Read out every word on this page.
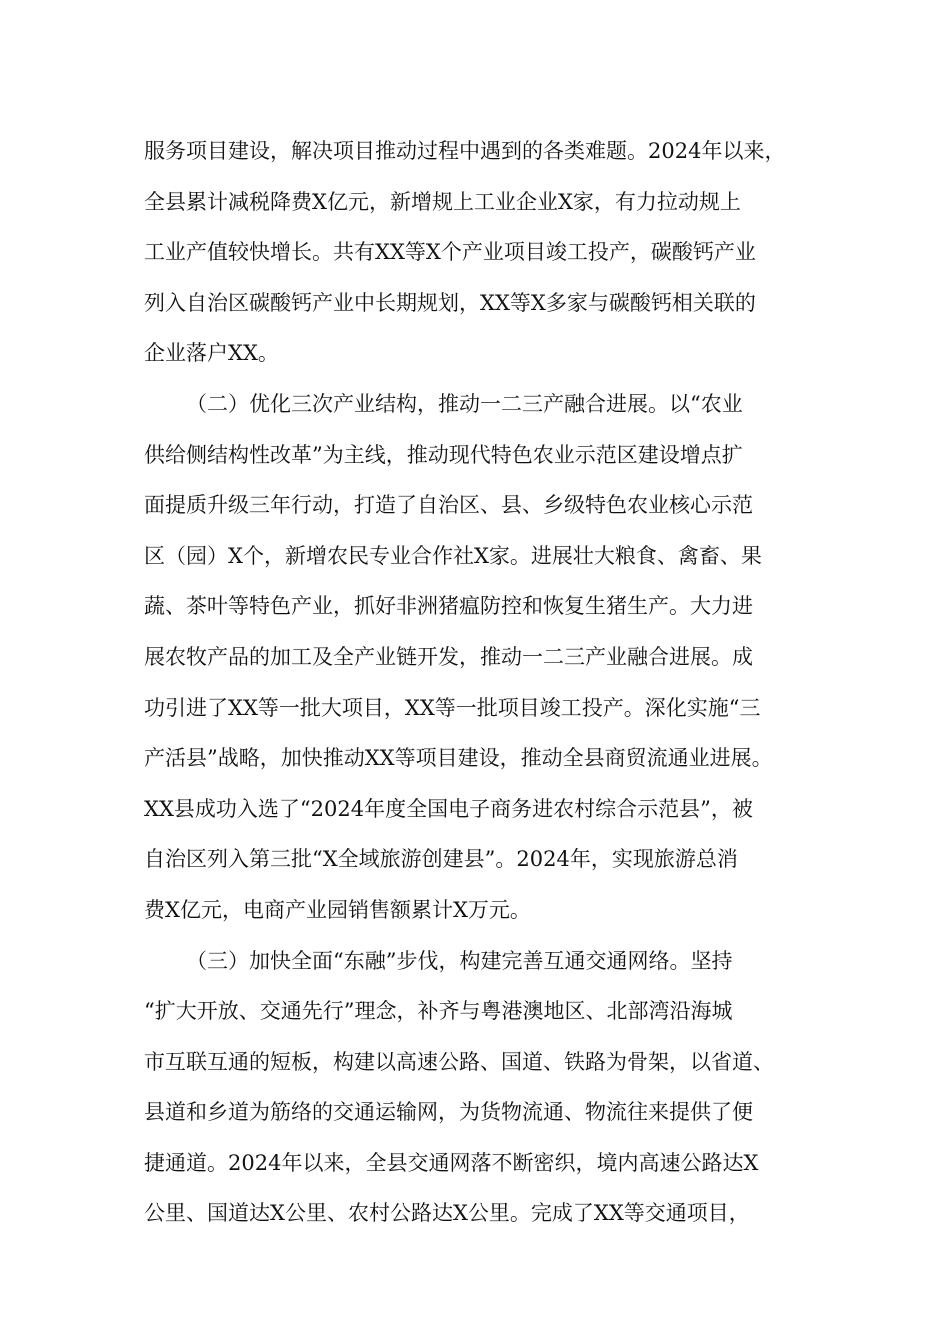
服务项目建设，解决项目推动过程中遇到的各类难题。2024年以来，
全县累计减税降费X亿元，新增规上工业企业X家，有力拉动规上
工业产值较快增长。共有XX等X个产业项目竣工投产，碳酸钙产业
列入自治区碳酸钙产业中长期规划，XX等X多家与碳酸钙相关联的
企业落户XX。
（二）优化三次产业结构，推动一二三产融合进展。以“农业
供给侧结构性改革”为主线，推动现代特色农业示范区建设增点扩
面提质升级三年行动，打造了自治区、县、乡级特色农业核心示范
区（园）X个，新增农民专业合作社X家。进展壮大粮食、禽畜、果
蔬、茶叶等特色产业，抓好非洲猪瘟防控和恢复生猪生产。大力进
展农牧产品的加工及全产业链开发，推动一二三产业融合进展。成
功引进了XX等一批大项目，XX等一批项目竣工投产。深化实施“三
产活县”战略，加快推动XX等项目建设，推动全县商贸流通业进展。
XX县成功入选了“2024年度全国电子商务进农村综合示范县”，被
自治区列入第三批“X全域旅游创建县”。2024年，实现旅游总消
费X亿元，电商产业园销售额累计X万元。
（三）加快全面“东融”步伐，构建完善互通交通网络。坚持
“扩大开放、交通先行”理念，补齐与粤港澳地区、北部湾沿海城
市互联互通的短板，构建以高速公路、国道、铁路为骨架，以省道、
县道和乡道为筋络的交通运输网，为货物流通、物流往来提供了便
捷通道。2024年以来，全县交通网落不断密织，境内高速公路达X
公里、国道达X公里、农村公路达X公里。完成了XX等交通项目，
